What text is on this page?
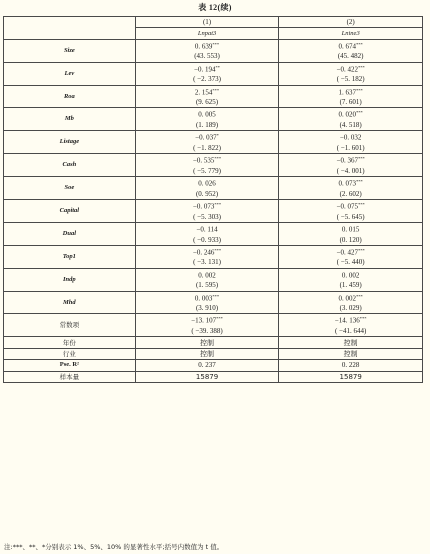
表 12(续)
	(1)	(2)
	Lnpat3	Lnine3
Size	0. 639***	0. 674***
	(43. 553)	(45. 482)
Lev	−0. 194**	−0. 422***
	( −2. 373)	( −5. 182)
Roa	2. 154***	1. 637***
	(9. 625)	(7. 601)
Mb	0. 005	0. 020***
	(1. 189)	(4. 518)
Listage	−0. 037*	−0. 032
	( −1. 822)	( −1. 601)
Cash	−0. 535***	−0. 367***
	( −5. 779)	( −4. 001)
Soe	0. 026	0. 073***
	(0. 952)	(2. 602)
Capital	−0. 073***	−0. 075***
	( −5. 303)	( −5. 645)
Dual	−0. 114	0. 015
	( −0. 933)	(0. 120)
Top1	−0. 246***	−0. 427***
	( −3. 131)	( −5. 440)
Indp	0. 002	0. 002
	(1. 595)	(1. 459)
Mhd	0. 003***	0. 002***
	(3. 910)	(3. 029)
常数项	−13. 107***	−14. 136***
	( −39. 388)	( −41. 644)
年份	控制	控制
行业	控制	控制
Pse. R²	0. 237	0. 228
样本量	15879	15879
注:***、**、*分别表示 1%、5%、10% 的显著性水平;括号内数值为 t 值。
